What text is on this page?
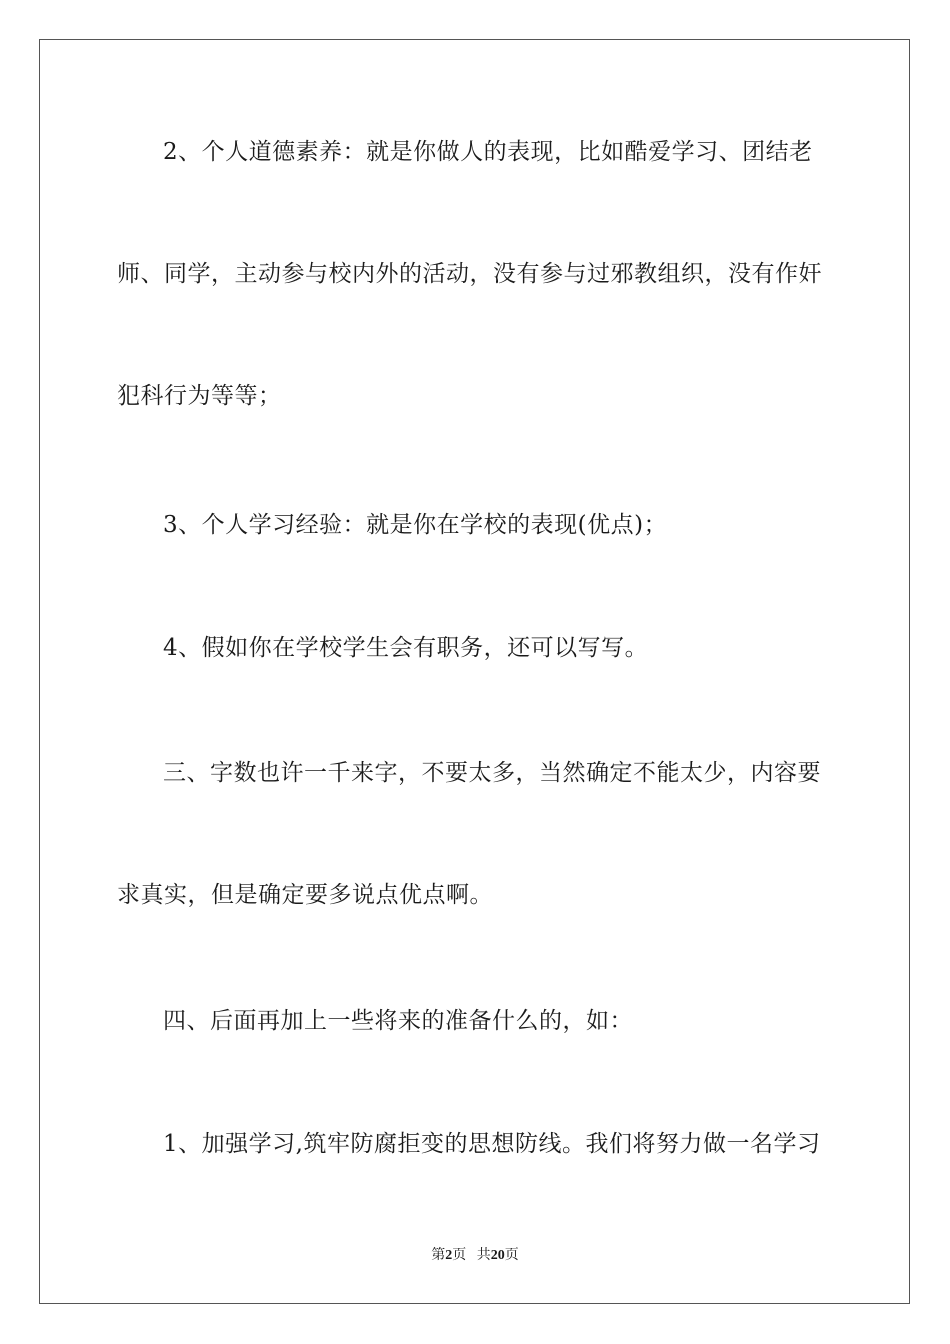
2、个人道德素养：就是你做人的表现，比如酷爱学习、团结老
师、同学，主动参与校内外的活动，没有参与过邪教组织，没有作奸
犯科行为等等；
3、个人学习经验：就是你在学校的表现(优点)；
4、假如你在学校学生会有职务，还可以写写。
三、字数也许一千来字，不要太多，当然确定不能太少，内容要
求真实，但是确定要多说点优点啊。
四、后面再加上一些将来的准备什么的，如：
1、加强学习,筑牢防腐拒变的思想防线。我们将努力做一名学习
第2页 共20页
